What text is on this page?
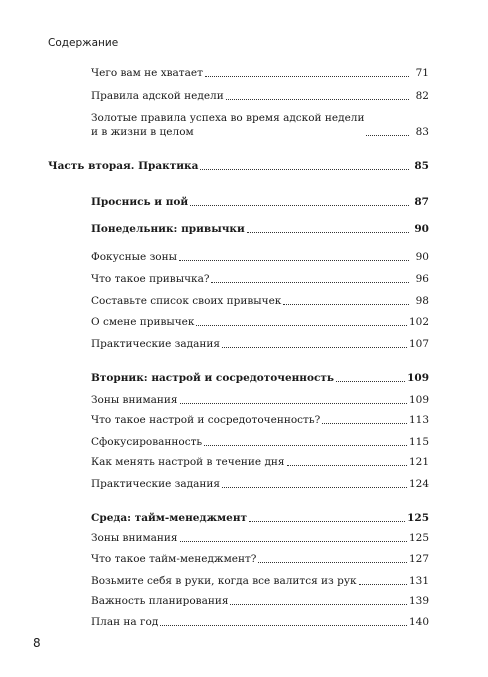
Содержание
Чего вам не хватает	71
Правила адской недели	82
Золотые правила успеха во время адской недели
и в жизни в целом	83
Часть вторая. Практика	85
Проснись и пой	87
Понедельник: привычки	90
Фокусные зоны	90
Что такое привычка?	96
Составьте список своих привычек	98
О смене привычек	102
Практические задания	107
Вторник: настрой и сосредоточенность	109
Зоны внимания	109
Что такое настрой и сосредоточенность?	113
Сфокусированность	115
Как менять настрой в течение дня	121
Практические задания	124
Среда: тайм-менеджмент	125
Зоны внимания	125
Что такое тайм-менеджмент?	127
Возьмите себя в руки, когда все валится из рук	131
Важность планирования	139
План на год	140
8
